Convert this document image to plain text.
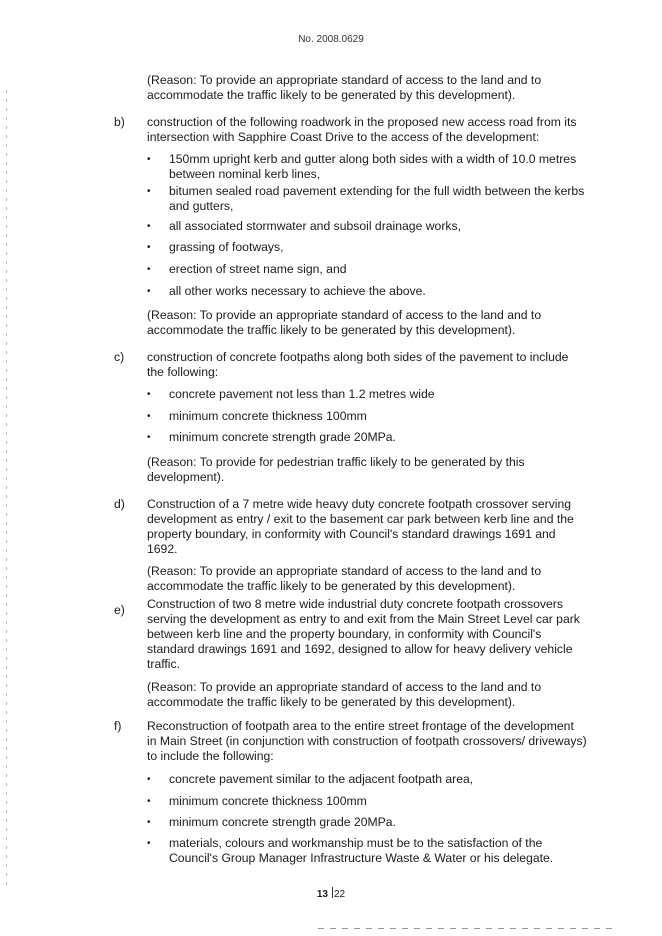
No. 2008.0629
(Reason: To provide an appropriate standard of access to the land and to
accommodate the traffic likely to be generated by this development).
b) construction of the following roadwork in the proposed new access road from its
intersection with Sapphire Coast Drive to the access of the development:
• 150mm upright kerb and gutter along both sides with a width of 10.0 metres
between nominal kerb lines,
• bitumen sealed road pavement extending for the full width between the kerbs
and gutters,
• all associated stormwater and subsoil drainage works,
• grassing of footways,
• erection of street name sign, and
• all other works necessary to achieve the above.
(Reason: To provide an appropriate standard of access to the land and to
accommodate the traffic likely to be generated by this development).
c) construction of concrete footpaths along both sides of the pavement to include
the following:
• concrete pavement not less than 1.2 metres wide
• minimum concrete thickness 100mm
• minimum concrete strength grade 20MPa.
(Reason: To provide for pedestrian traffic likely to be generated by this
development).
d) Construction of a 7 metre wide heavy duty concrete footpath crossover serving
development as entry / exit to the basement car park between kerb line and the
property boundary, in conformity with Council's standard drawings 1691 and
1692.
(Reason: To provide an appropriate standard of access to the land and to
accommodate the traffic likely to be generated by this development).
e) Construction of two 8 metre wide industrial duty concrete footpath crossovers
serving the development as entry to and exit from the Main Street Level car park
between kerb line and the property boundary, in conformity with Council's
standard drawings 1691 and 1692, designed to allow for heavy delivery vehicle
traffic.
(Reason: To provide an appropriate standard of access to the land and to
accommodate the traffic likely to be generated by this development).
f) Reconstruction of footpath area to the entire street frontage of the development
in Main Street (in conjunction with construction of footpath crossovers/ driveways)
to include the following:
• concrete pavement similar to the adjacent footpath area,
• minimum concrete thickness 100mm
• minimum concrete strength grade 20MPa.
• materials, colours and workmanship must be to the satisfaction of the
Council's Group Manager Infrastructure Waste & Water or his delegate.
13 22
